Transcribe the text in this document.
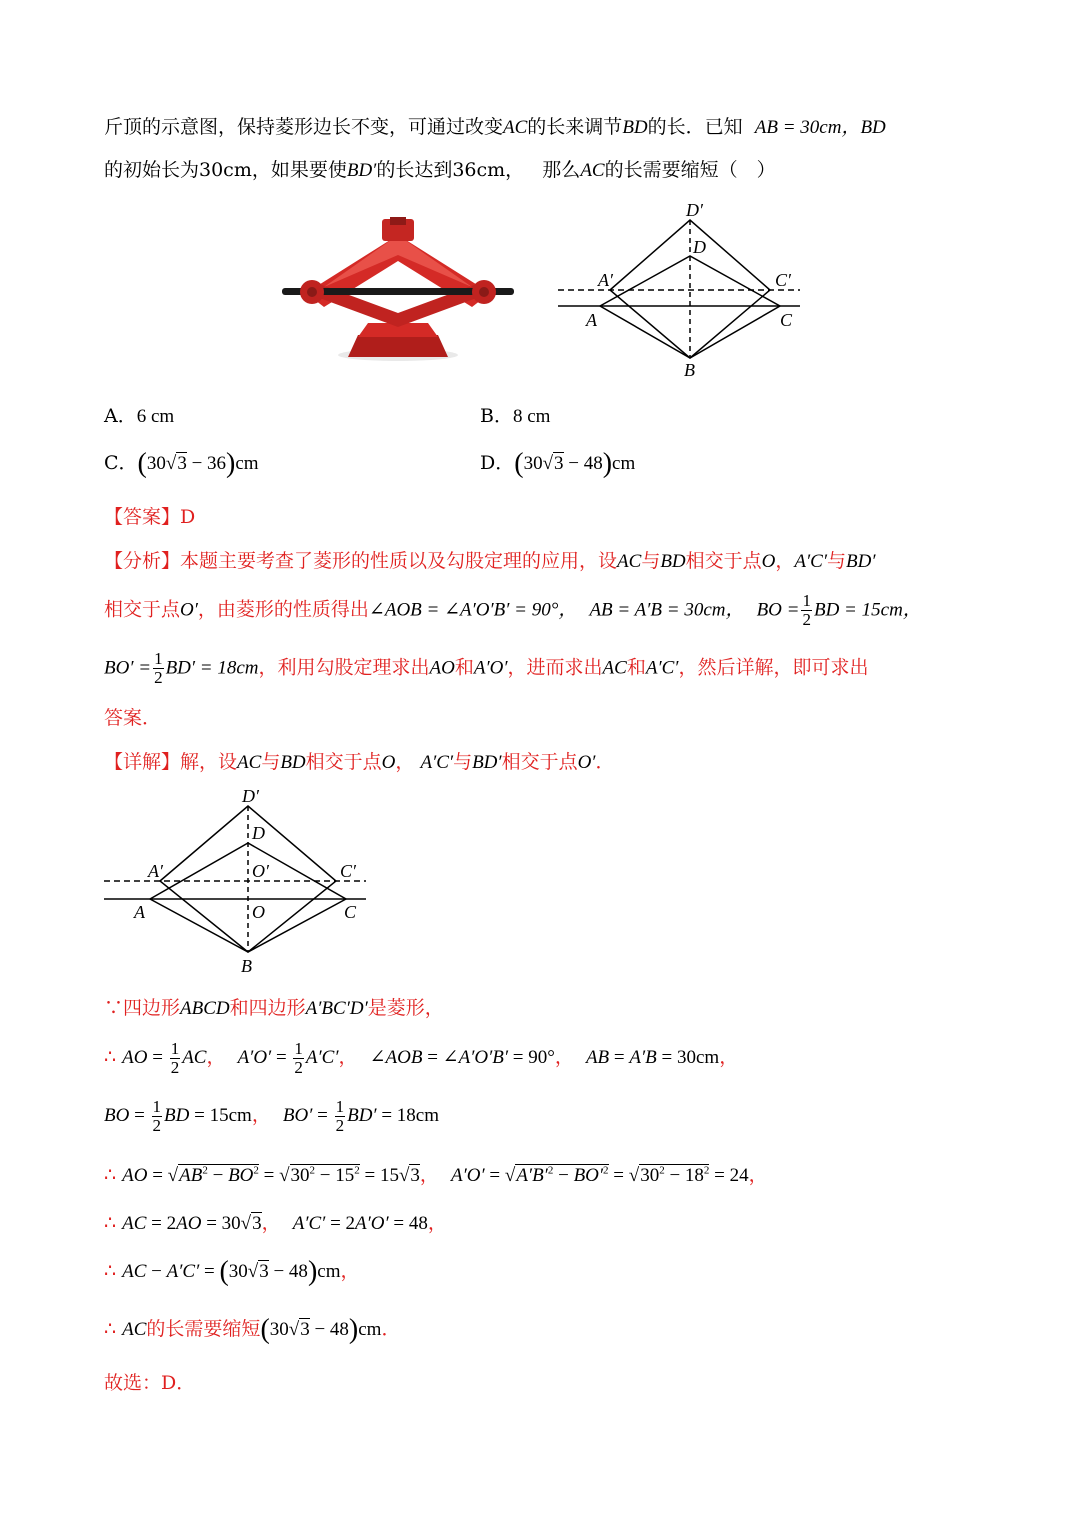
斤顶的示意图，保持菱形边长不变，可通过改变AC的长来调节BD的长．已知 AB = 30cm，BD
的初始长为30cm，如果要使BD′的长达到36cm， 那么AC的长需要缩短（　）
D′
D
A′	C′
A	C
B
A．6 cm	B．8 cm
C．(30√3 − 36)cm	D．(30√3 − 48)cm
【答案】D
【分析】本题主要考查了菱形的性质以及勾股定理的应用，设AC与BD相交于点O，A′C′与BD′
相交于点O′，由菱形的性质得出∠AOB = ∠A′O′B′ = 90°， AB = A′B = 30cm， BO = $\frac{1}{2}$ BD = 15cm，
$BO' = \frac{1}{2} BD' = 18cm$，利用勾股定理求出AO和A′O′，进而求出AC和A′C′，然后详解，即可求出
答案．
【详解】解，设AC与BD相交于点O， A′C′与BD′相交于点O′．
D′
D
A′	O′	C′
A	O	C
B
∵四边形ABCD和四边形A′BC′D′是菱形，
∴ AO = $\frac{1}{2}$ AC，  $A'O' = \frac{1}{2} A'C'$，  ∠AOB = ∠A′O′B′ = 90°，  AB = A′B = 30cm，
BO = $\frac{1}{2}$ BD = 15cm，  $BO' = \frac{1}{2} BD' = 18cm$
∴ AO = $√AB^2 - BO^2 = √30^2 - 15^2 = 15√3$，  $A'O' = √A'B'^2 - BO'^2 = √30^2 - 18^2 = 24$，
∴ AC = 2AO = 30√3，  A′C′ = 2A′O′ = 48，
∴ AC − A′C′ = (30√3 − 48)cm，
∴ AC的长需要缩短(30√3 − 48)cm．
故选：D．
